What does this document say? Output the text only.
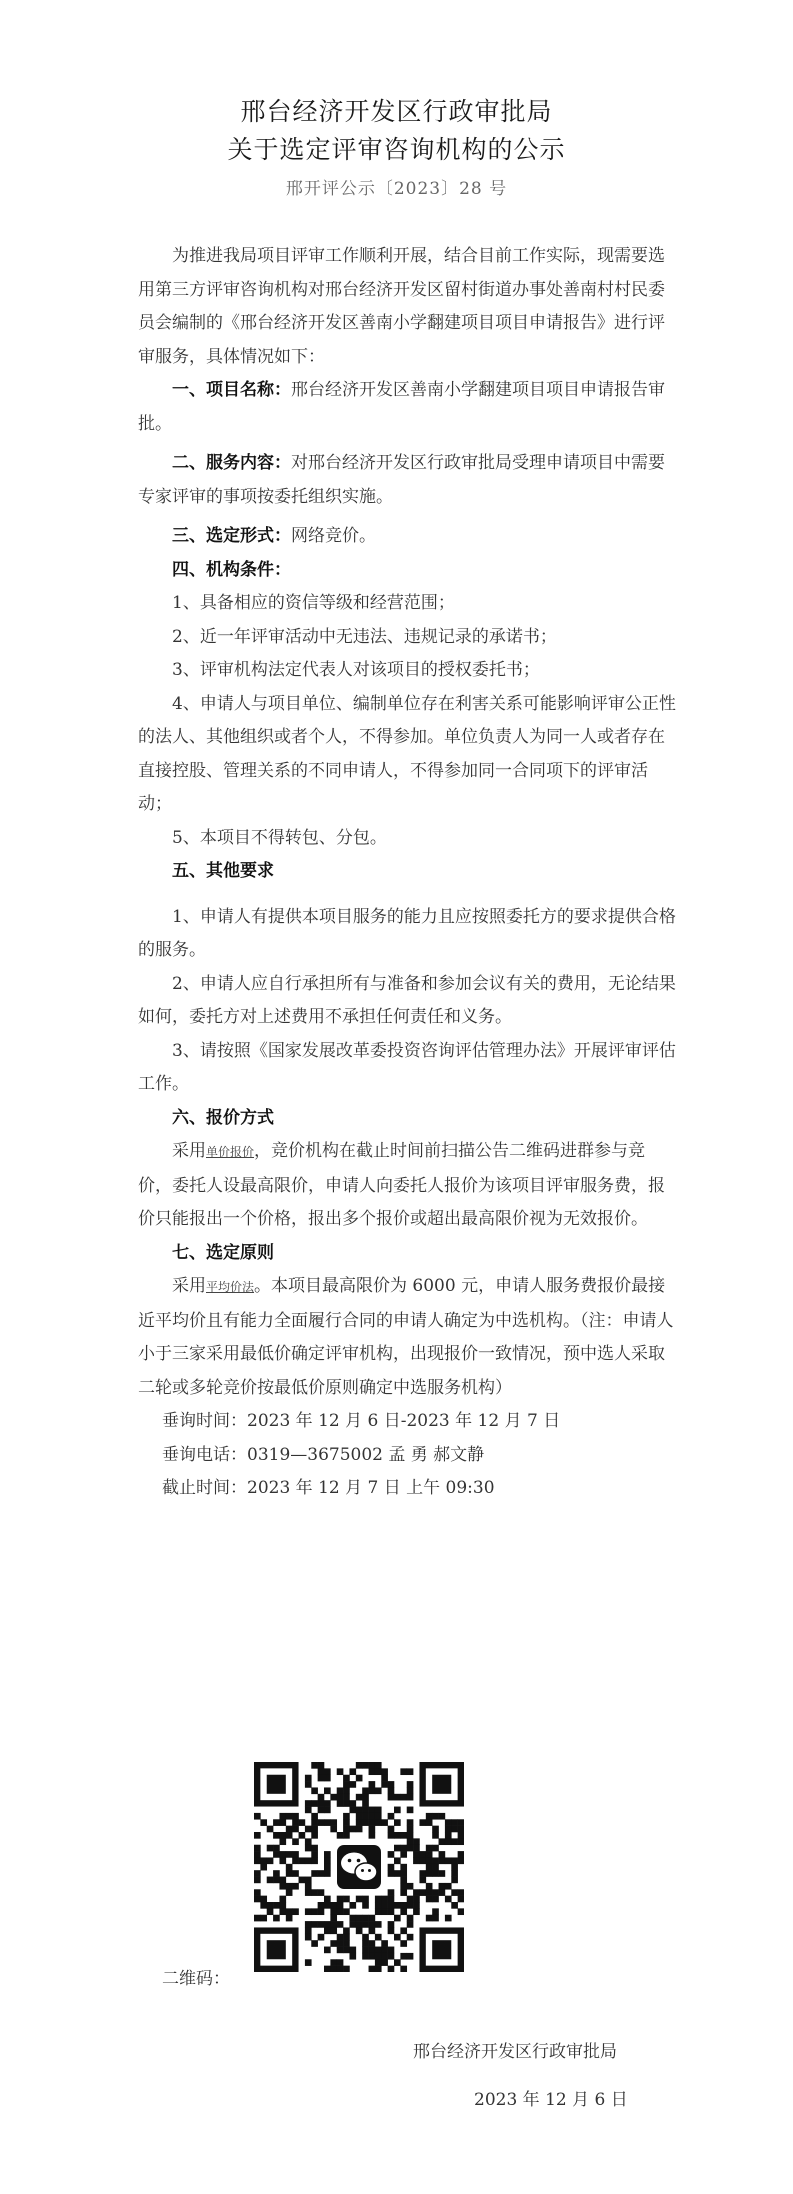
邢台经济开发区行政审批局
关于选定评审咨询机构的公示
邢开评公示〔2023〕28 号

为推进我局项目评审工作顺利开展，结合目前工作实际，现需要选用第三方评审咨询机构对邢台经济开发区留村街道办事处善南村村民委员会编制的《邢台经济开发区善南小学翻建项目项目申请报告》进行评审服务，具体情况如下：

一、项目名称：邢台经济开发区善南小学翻建项目项目申请报告审批。

二、服务内容：对邢台经济开发区行政审批局受理申请项目中需要专家评审的事项按委托组织实施。

三、选定形式：网络竞价。

四、机构条件：

1、具备相应的资信等级和经营范围；

2、近一年评审活动中无违法、违规记录的承诺书；

3、评审机构法定代表人对该项目的授权委托书；

4、申请人与项目单位、编制单位存在利害关系可能影响评审公正性的法人、其他组织或者个人，不得参加。单位负责人为同一人或者存在直接控股、管理关系的不同申请人，不得参加同一合同项下的评审活动；

5、本项目不得转包、分包。

五、其他要求

1、申请人有提供本项目服务的能力且应按照委托方的要求提供合格的服务。

2、申请人应自行承担所有与准备和参加会议有关的费用，无论结果如何，委托方对上述费用不承担任何责任和义务。

3、请按照《国家发展改革委投资咨询评估管理办法》开展评审评估工作。

六、报价方式

采用单价报价，竞价机构在截止时间前扫描公告二维码进群参与竞价，委托人设最高限价，申请人向委托人报价为该项目评审服务费，报价只能报出一个价格，报出多个报价或超出最高限价视为无效报价。

七、选定原则

采用平均价法。本项目最高限价为 6000 元，申请人服务费报价最接近平均价且有能力全面履行合同的申请人确定为中选机构。（注：申请人小于三家采用最低价确定评审机构，出现报价一致情况，预中选人采取二轮或多轮竞价按最低价原则确定中选服务机构）

垂询时间：2023 年 12 月 6 日-2023 年 12 月 7 日

垂询电话：0319—3675002 孟 勇 郝文静

截止时间：2023 年 12 月 7 日 上午 09:30

二维码：
邢台经济开发区行政审批局
2023 年 12 月 6 日
